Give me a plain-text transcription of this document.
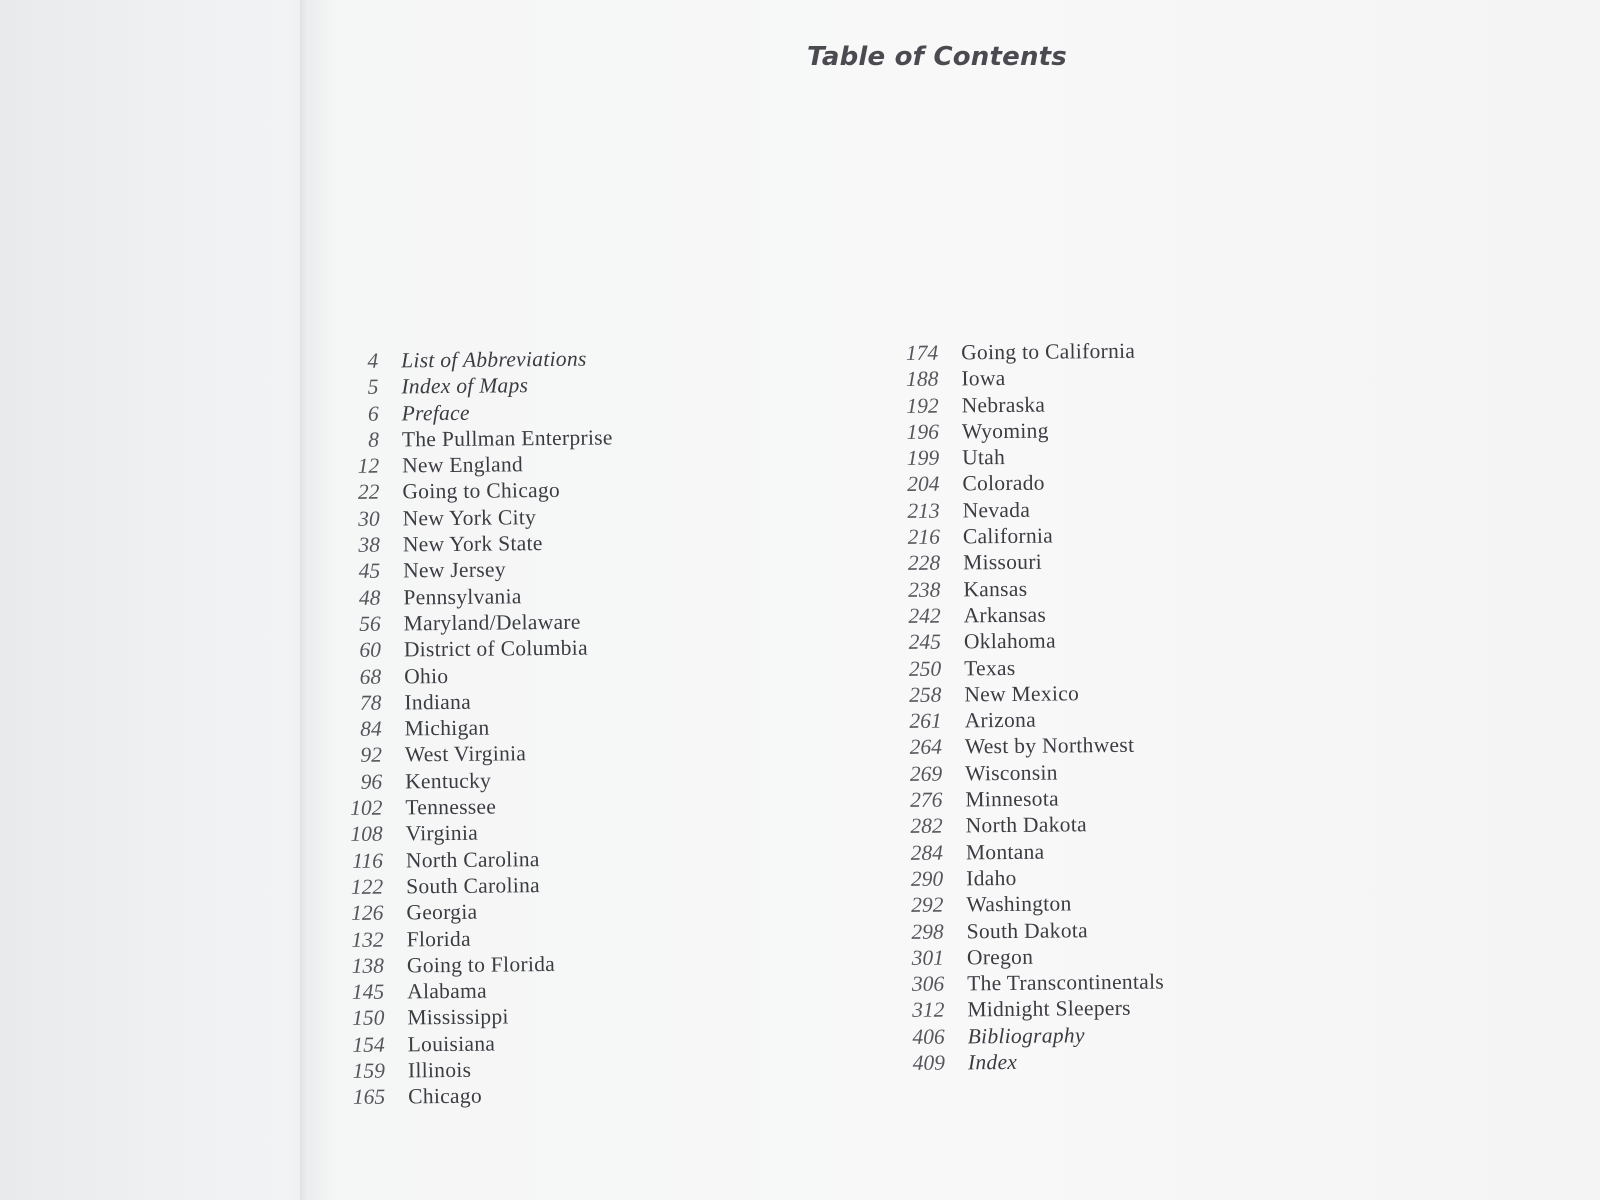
Table of Contents
4 List of Abbreviations
5 Index of Maps
6 Preface
8 The Pullman Enterprise
12 New England
22 Going to Chicago
30 New York City
38 New York State
45 New Jersey
48 Pennsylvania
56 Maryland/Delaware
60 District of Columbia
68 Ohio
78 Indiana
84 Michigan
92 West Virginia
96 Kentucky
102 Tennessee
108 Virginia
116 North Carolina
122 South Carolina
126 Georgia
132 Florida
138 Going to Florida
145 Alabama
150 Mississippi
154 Louisiana
159 Illinois
165 Chicago
174 Going to California
188 Iowa
192 Nebraska
196 Wyoming
199 Utah
204 Colorado
213 Nevada
216 California
228 Missouri
238 Kansas
242 Arkansas
245 Oklahoma
250 Texas
258 New Mexico
261 Arizona
264 West by Northwest
269 Wisconsin
276 Minnesota
282 North Dakota
284 Montana
290 Idaho
292 Washington
298 South Dakota
301 Oregon
306 The Transcontinentals
312 Midnight Sleepers
406 Bibliography
409 Index
